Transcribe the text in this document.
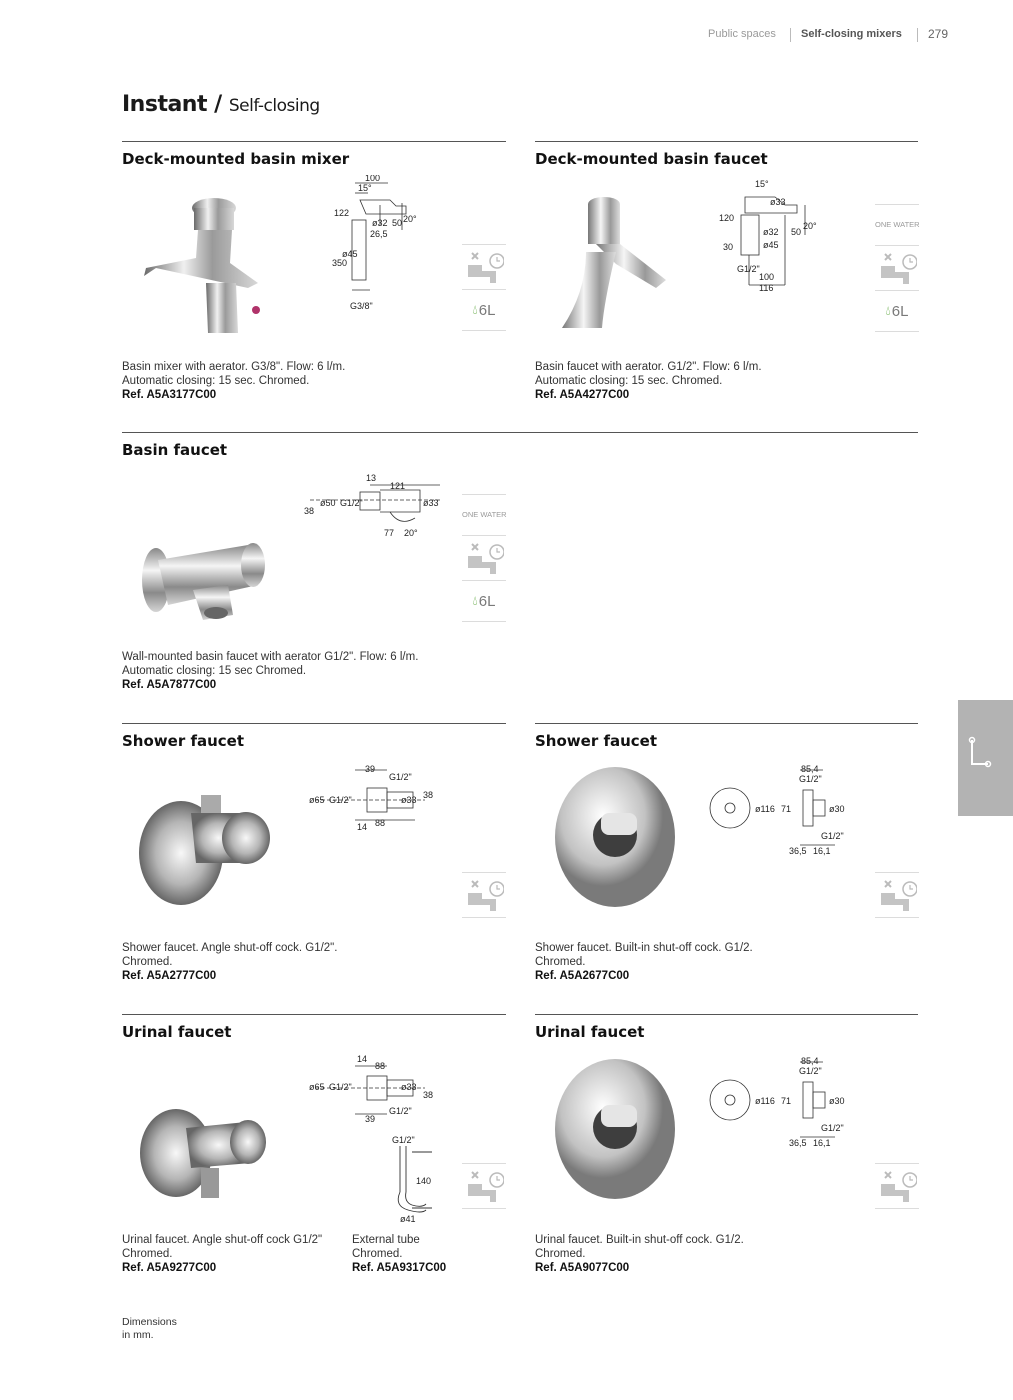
Public spaces Self-closing mixers 279
Instant / Self-closing
Deck-mounted basin mixer
100
15°
122
ø32 50 20°
26,5
ø45
350
G3/8"	💧︎ 6L
Basin mixer with aerator. G3/8". Flow: 6 l/m.
Automatic closing: 15 sec. Chromed.
Ref. A5A3177C00
Deck-mounted basin faucet
15°
ø33
120
ø32 50
20°
30	ø45
G1/2"
100
116
ONE WATER
💧︎ 6L
Basin faucet with aerator. G1/2". Flow: 6 l/m.
Automatic closing: 15 sec. Chromed.
Ref. A5A4277C00
Basin faucet
13
121
38
ø50 G1/2"	ø33
77 20°
ONE WATER
💧︎ 6L
Wall-mounted basin faucet with aerator G1/2". Flow: 6 l/m.
Automatic closing: 15 sec Chromed.
Ref. A5A7877C00
Shower faucet
39
G1/2"
ø65 G1/2"	ø33 38
14 88
Shower faucet. Angle shut-off cock. G1/2".
Chromed.
Ref. A5A2777C00
Shower faucet
85,4
G1/2"
ø116 71	ø30
G1/2"
36,5 16,1
Shower faucet. Built-in shut-off cock. G1/2.
Chromed.
Ref. A5A2677C00
Urinal faucet
14
88
ø65 G1/2"	ø33
38
39
G1/2"
G1/2"
140
ø41
Urinal faucet. Angle shut-off cock G1/2"
Chromed.
Ref. A5A9277C00
External tube
Chromed.
Ref. A5A9317C00
Urinal faucet
85,4
G1/2"
ø116 71	ø30
G1/2"
36,5 16,1
Urinal faucet. Built-in shut-off cock. G1/2.
Chromed.
Ref. A5A9077C00
Dimensions
in mm.
